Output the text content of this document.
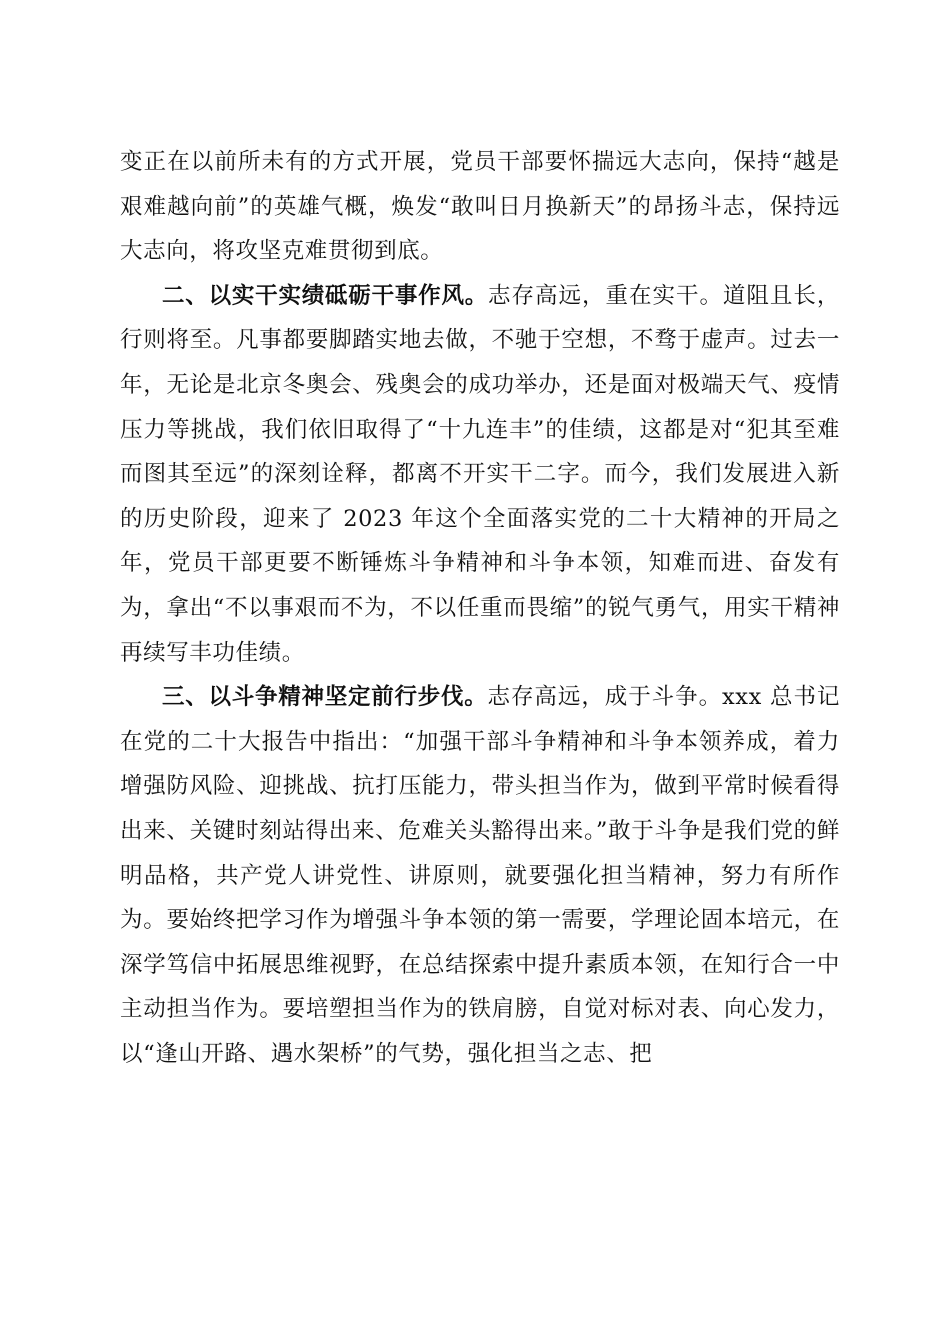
变正在以前所未有的方式开展，党员干部要怀揣远大志向，保持“越是艰难越向前”的英雄气概，焕发“敢叫日月换新天”的昂扬斗志，保持远大志向，将攻坚克难贯彻到底。

二、以实干实绩砥砺干事作风。志存高远，重在实干。道阻且长，行则将至。凡事都要脚踏实地去做，不驰于空想，不骛于虚声。过去一年，无论是北京冬奥会、残奥会的成功举办，还是面对极端天气、疫情压力等挑战，我们依旧取得了“十九连丰”的佳绩，这都是对“犯其至难而图其至远”的深刻诠释，都离不开实干二字。而今，我们发展进入新的历史阶段，迎来了 2023 年这个全面落实党的二十大精神的开局之年，党员干部更要不断锤炼斗争精神和斗争本领，知难而进、奋发有为，拿出“不以事艰而不为，不以任重而畏缩”的锐气勇气，用实干精神再续写丰功佳绩。

三、以斗争精神坚定前行步伐。志存高远，成于斗争。xxx 总书记在党的二十大报告中指出：“加强干部斗争精神和斗争本领养成，着力增强防风险、迎挑战、抗打压能力，带头担当作为，做到平常时候看得出来、关键时刻站得出来、危难关头豁得出来。”敢于斗争是我们党的鲜明品格，共产党人讲党性、讲原则，就要强化担当精神，努力有所作为。要始终把学习作为增强斗争本领的第一需要，学理论固本培元，在深学笃信中拓展思维视野，在总结探索中提升素质本领，在知行合一中主动担当作为。要培塑担当作为的铁肩膀，自觉对标对表、向心发力，以“逢山开路、遇水架桥”的气势，强化担当之志、把
